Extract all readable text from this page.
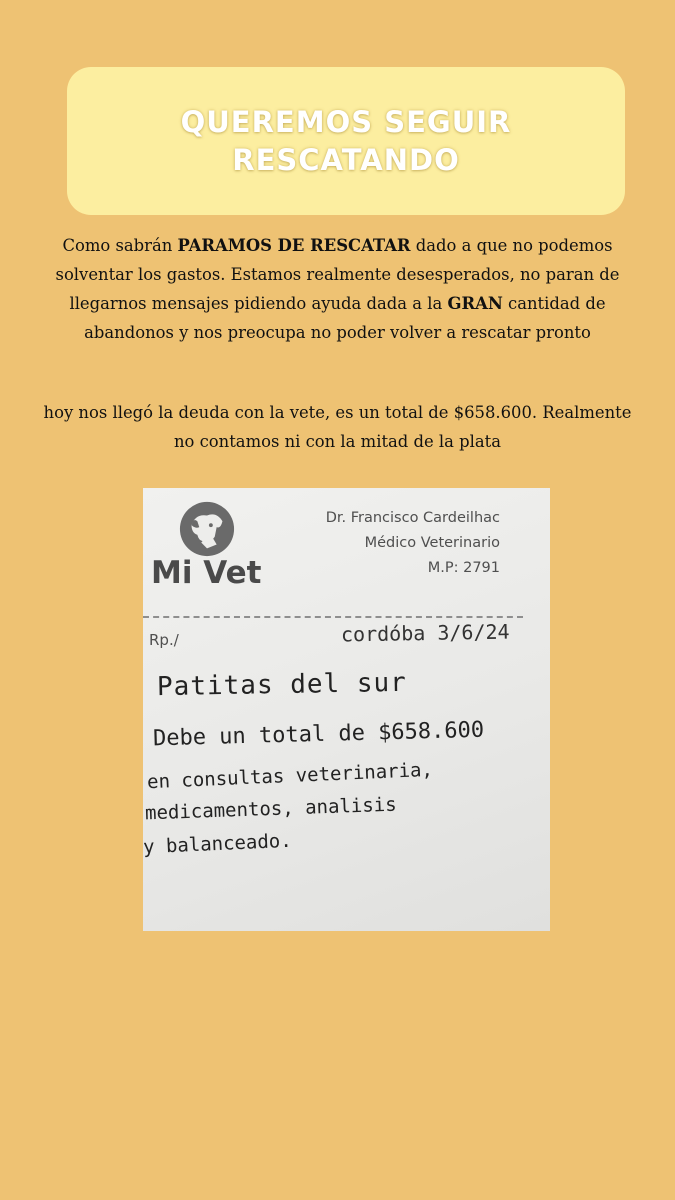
QUEREMOS SEGUIR
RESCATANDO
Como sabrán PARAMOS DE RESCATAR dado a que no podemos solventar los gastos. Estamos realmente desesperados, no paran de llegarnos mensajes pidiendo ayuda dada a la GRAN cantidad de abandonos y nos preocupa no poder volver a rescatar pronto
hoy nos llegó la deuda con la vete, es un total de $658.600. Realmente no contamos ni con la mitad de la plata
Mi Vet
Dr. Francisco Cardeilhac
Médico Veterinario
M.P: 2791
Rp./	cordóba 3/6/24
Patitas del sur
Debe un total de $658.600
en consultas veterinaria,
medicamentos, analisis
y balanceado.
